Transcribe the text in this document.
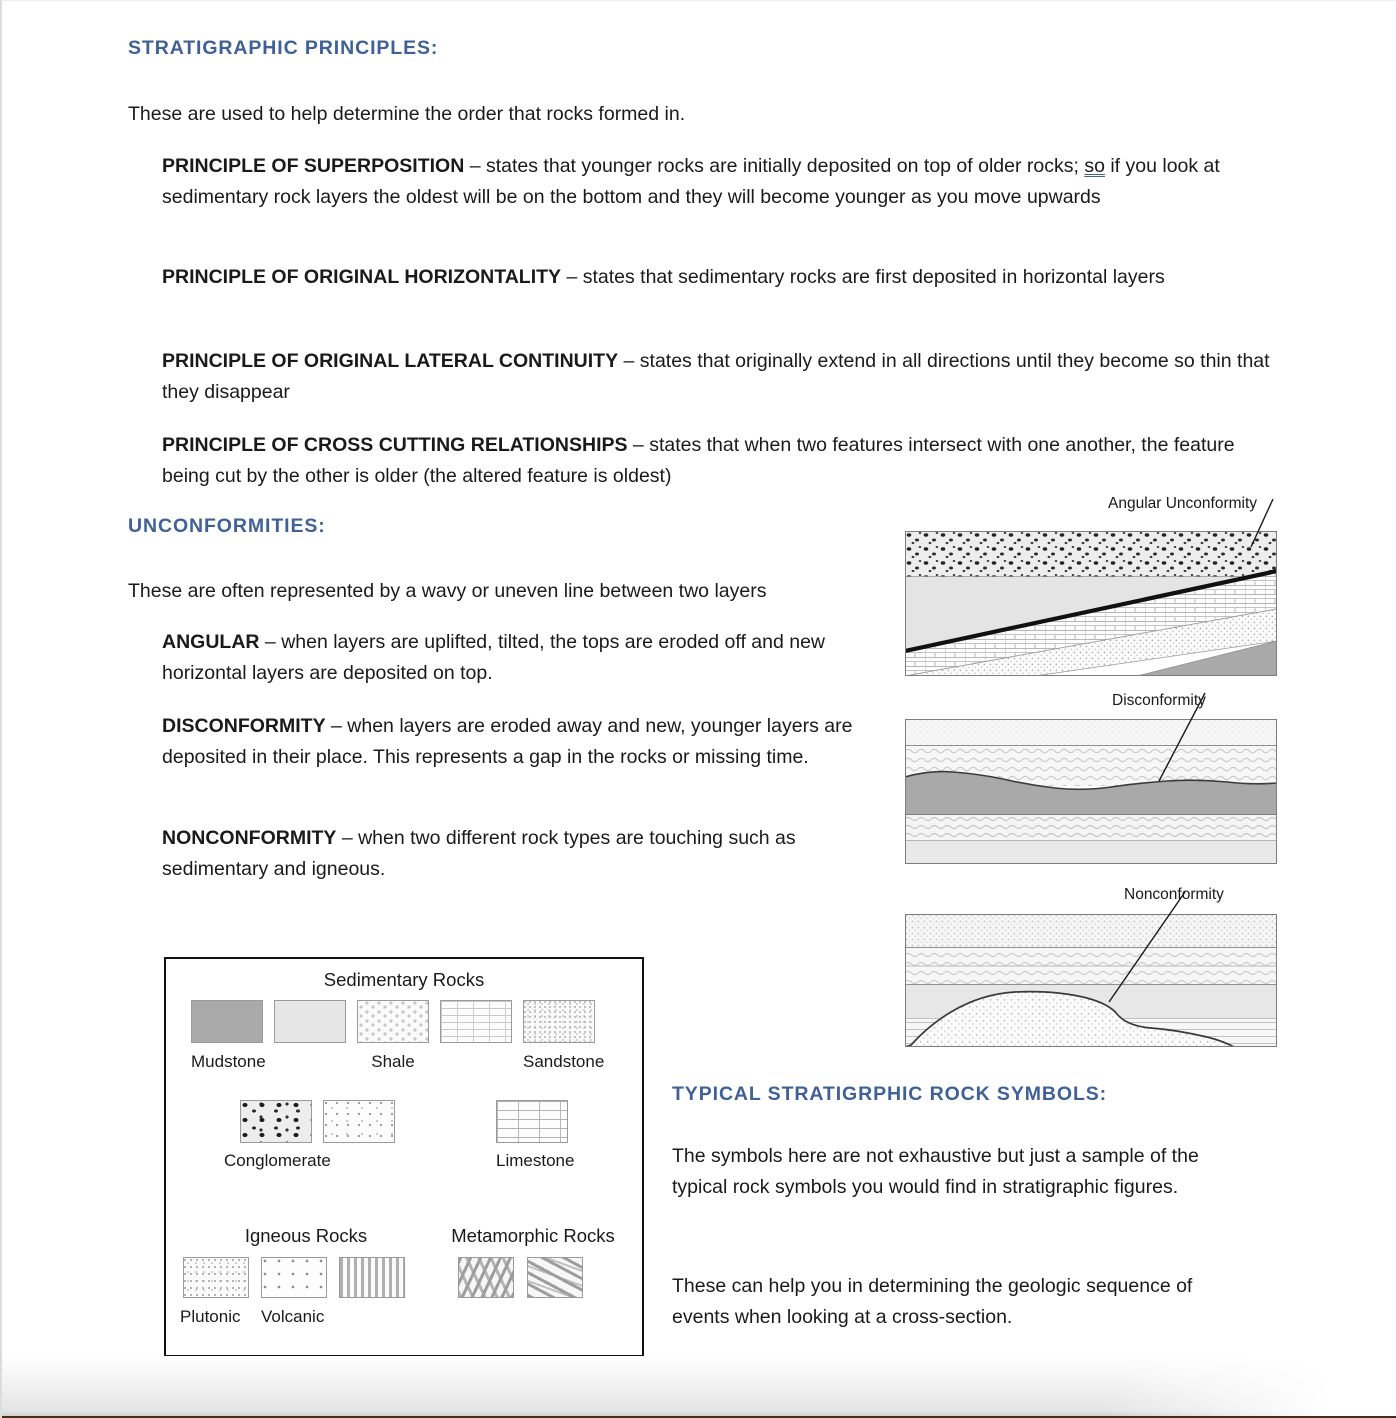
STRATIGRAPHIC PRINCIPLES:
These are used to help determine the order that rocks formed in.
PRINCIPLE OF SUPERPOSITION – states that younger rocks are initially deposited on top of older rocks; so if you look at sedimentary rock layers the oldest will be on the bottom and they will become younger as you move upwards
PRINCIPLE OF ORIGINAL HORIZONTALITY – states that sedimentary rocks are first deposited in horizontal layers
PRINCIPLE OF ORIGINAL LATERAL CONTINUITY – states that originally extend in all directions until they become so thin that they disappear
PRINCIPLE OF CROSS CUTTING RELATIONSHIPS – states that when two features intersect with one another, the feature being cut by the other is older (the altered feature is oldest)
UNCONFORMITIES:
These are often represented by a wavy or uneven line between two layers
ANGULAR – when layers are uplifted, tilted, the tops are eroded off and new horizontal layers are deposited on top.
DISCONFORMITY – when layers are eroded away and new, younger layers are deposited in their place. This represents a gap in the rocks or missing time.
NONCONFORMITY – when two different rock types are touching such as sedimentary and igneous.
Angular Unconformity
Disconformity
Nonconformity
TYPICAL STRATIGRPHIC ROCK SYMBOLS:
The symbols here are not exhaustive but just a sample of the typical rock symbols you would find in stratigraphic figures.
These can help you in determining the geologic sequence of events when looking at a cross-section.
Sedimentary Rocks
Mudstone	Shale	Sandstone
Conglomerate	Limestone
Igneous Rocks
Plutonic	Volcanic
Metamorphic Rocks
